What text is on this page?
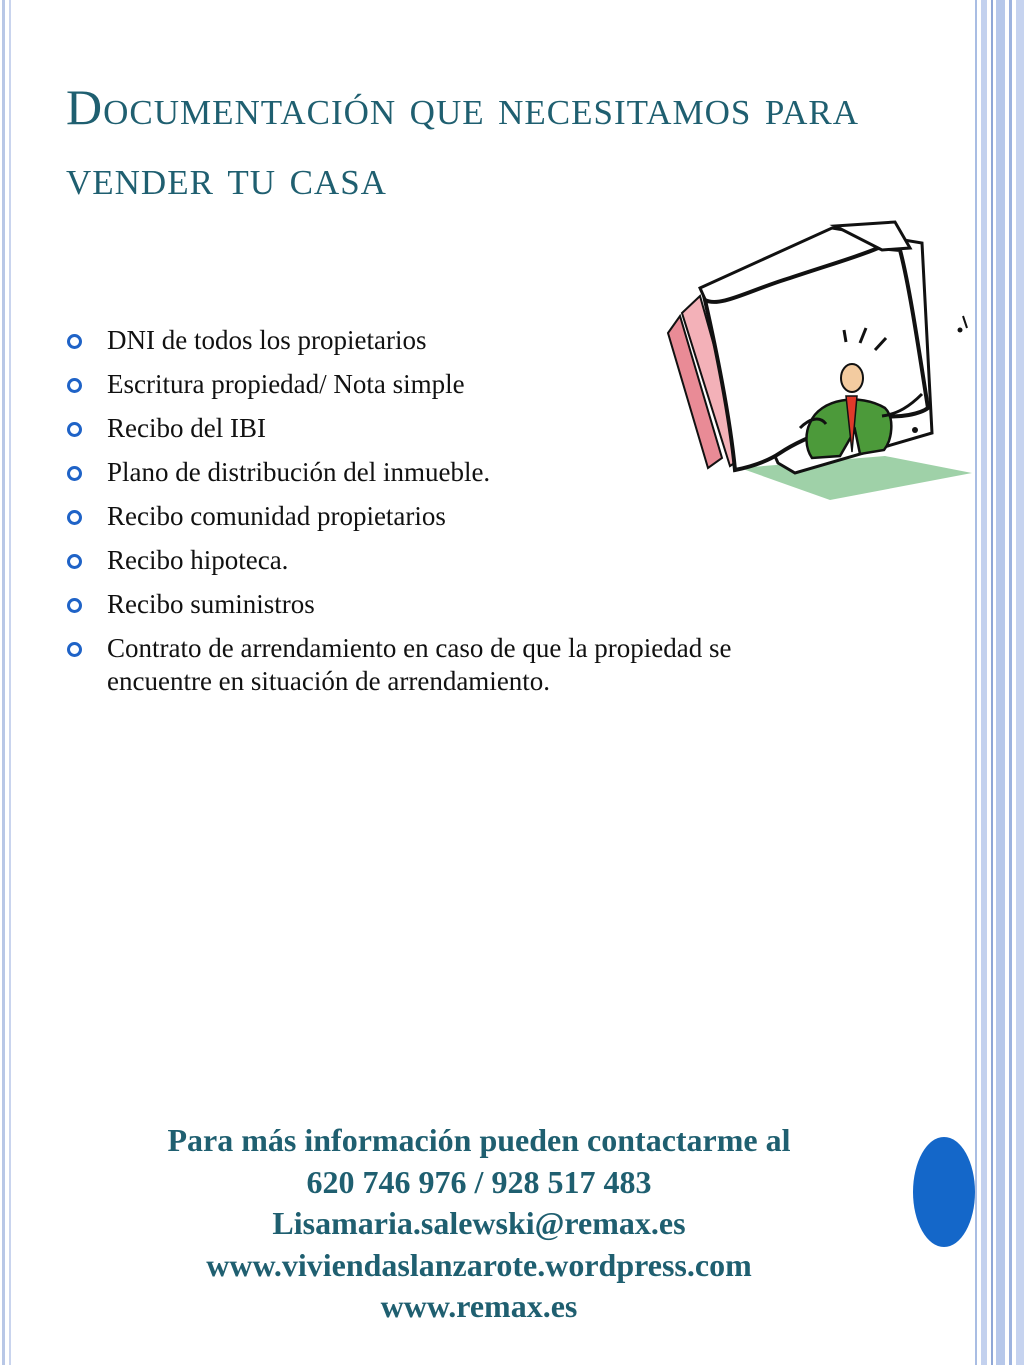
Documentación que necesitamos para vender tu casa
DNI de todos los propietarios
Escritura propiedad/ Nota simple
Recibo del IBI
Plano de distribución del inmueble.
Recibo comunidad propietarios
Recibo hipoteca.
Recibo suministros
Contrato de arrendamiento en caso de que la propiedad se encuentre en situación de arrendamiento.
Para más información pueden contactarme al
620 746 976 / 928 517 483
Lisamaria.salewski@remax.es
www.viviendaslanzarote.wordpress.com
www.remax.es
